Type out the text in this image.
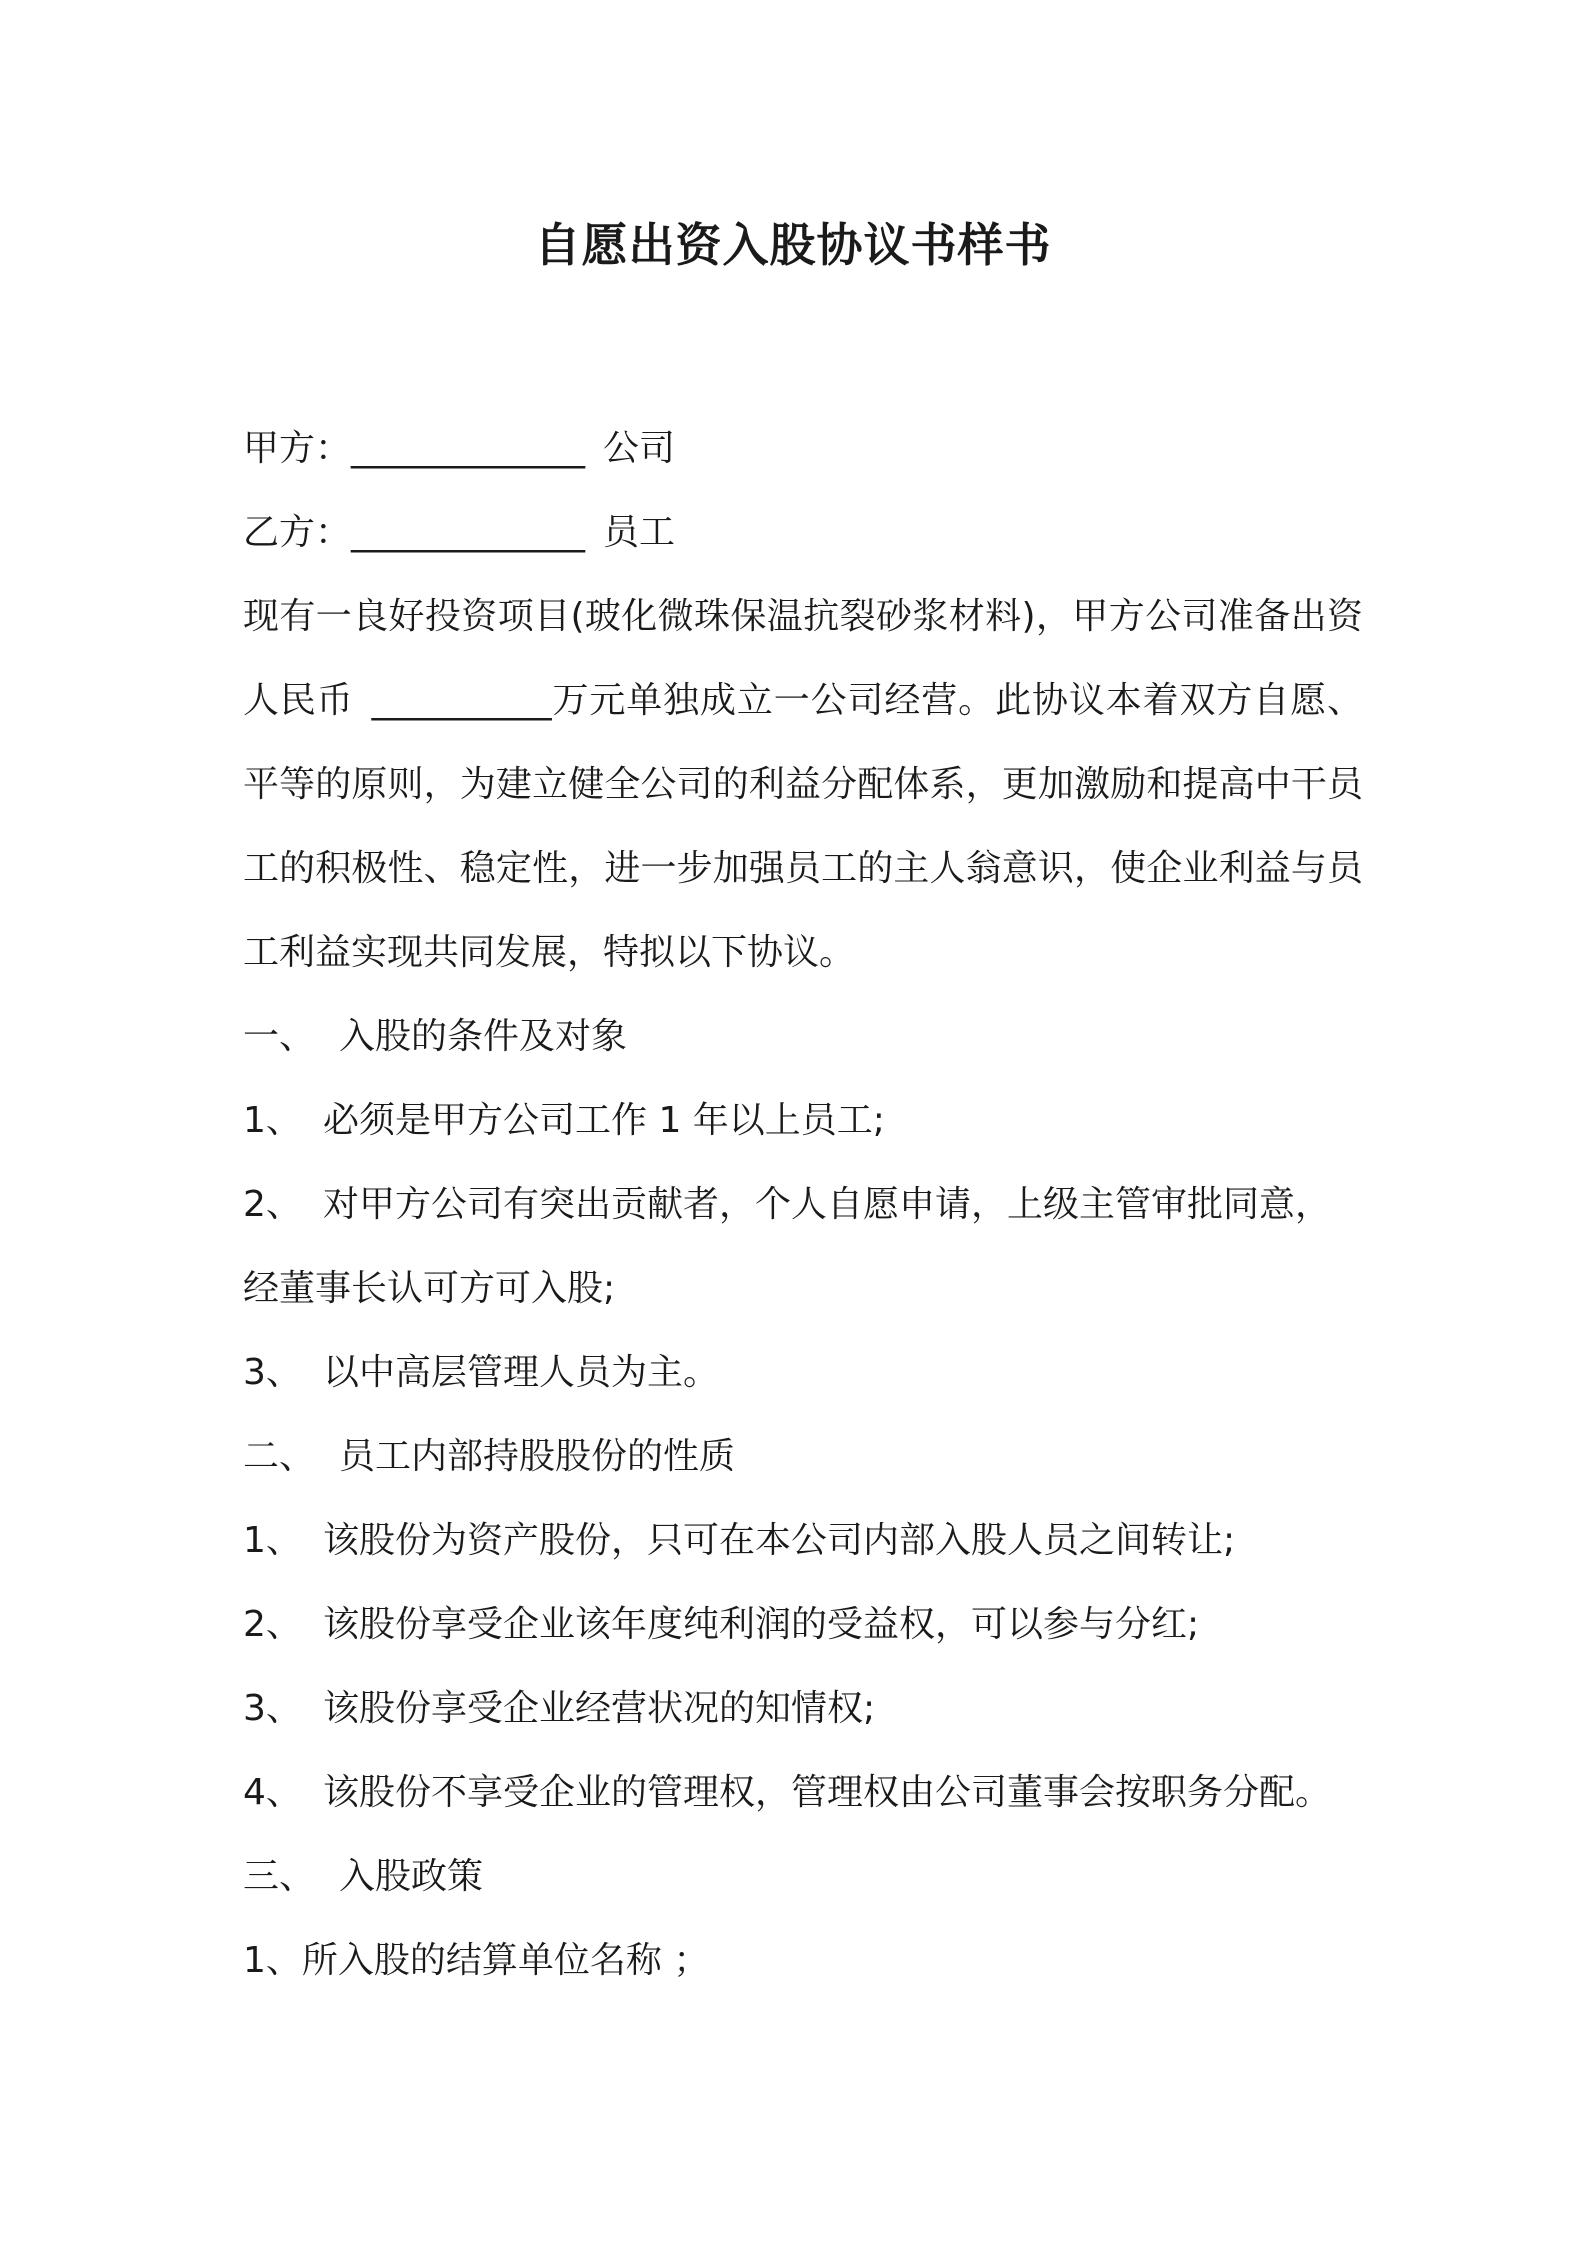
自愿出资入股协议书样书
甲方：_____________ 公司
乙方：_____________ 员工
现有一良好投资项目(玻化微珠保温抗裂砂浆材料)，甲方公司准备出资人民币 __________万元单独成立一公司经营。此协议本着双方自愿、平等的原则，为建立健全公司的利益分配体系，更加激励和提高中干员工的积极性、稳定性，进一步加强员工的主人翁意识，使企业利益与员工利益实现共同发展，特拟以下协议。
一、 入股的条件及对象
1、 必须是甲方公司工作 1 年以上员工;
2、 对甲方公司有突出贡献者，个人自愿申请，上级主管审批同意，
经董事长认可方可入股;
3、 以中高层管理人员为主。
二、 员工内部持股股份的性质
1、 该股份为资产股份，只可在本公司内部入股人员之间转让;
2、 该股份享受企业该年度纯利润的受益权，可以参与分红;
3、 该股份享受企业经营状况的知情权;
4、 该股份不享受企业的管理权，管理权由公司董事会按职务分配。
三、 入股政策
1、所入股的结算单位名称 ；
